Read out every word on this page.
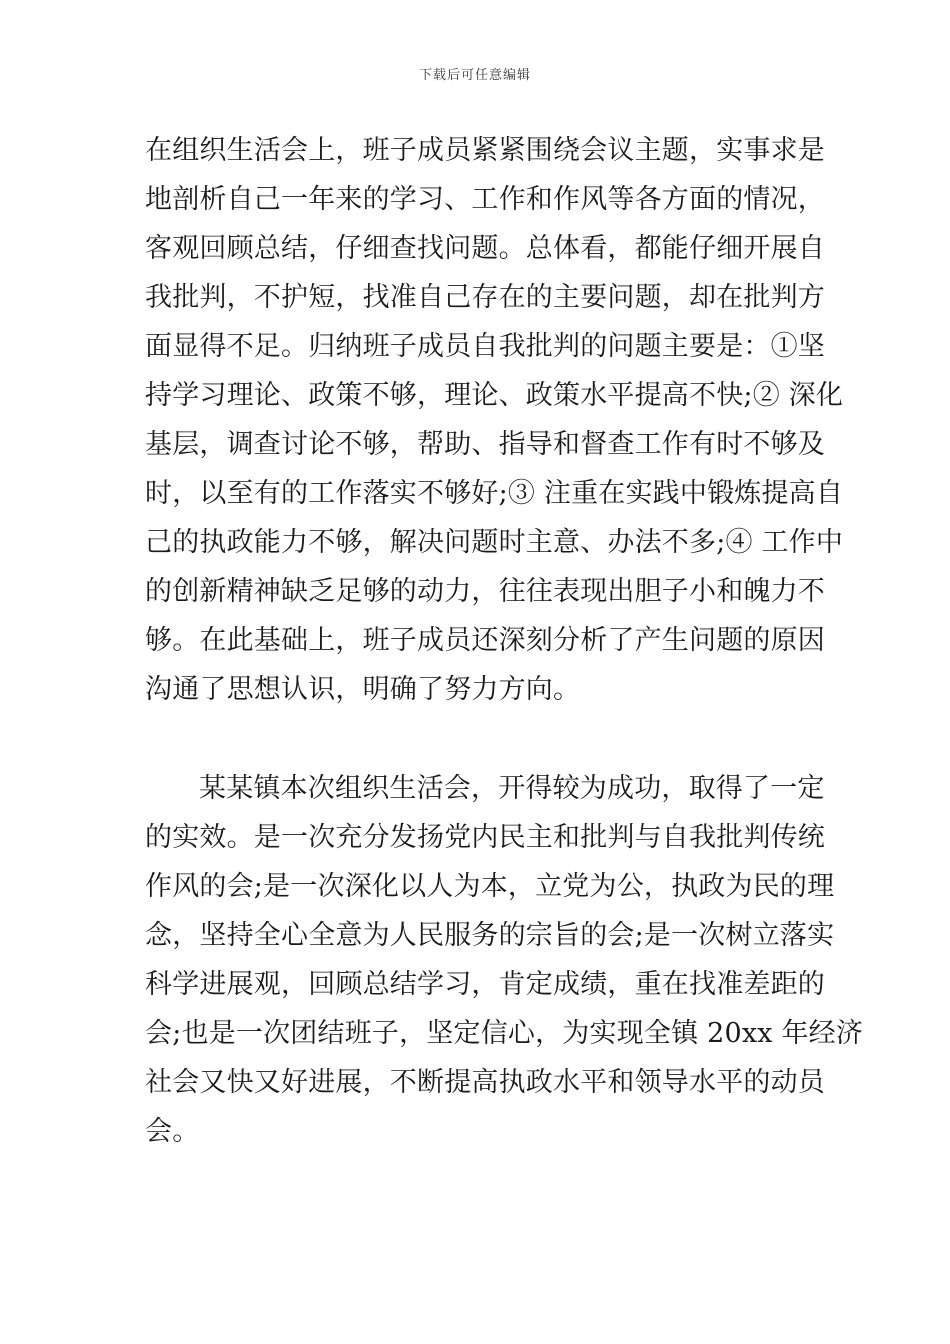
下载后可任意编辑
在组织生活会上，班子成员紧紧围绕会议主题，实事求是
地剖析自己一年来的学习、工作和作风等各方面的情况，
客观回顾总结，仔细查找问题。总体看，都能仔细开展自
我批判，不护短，找准自己存在的主要问题，却在批判方
面显得不足。归纳班子成员自我批判的问题主要是：①坚
持学习理论、政策不够，理论、政策水平提高不快;② 深化
基层，调查讨论不够，帮助、指导和督查工作有时不够及
时，以至有的工作落实不够好;③ 注重在实践中锻炼提高自
己的执政能力不够，解决问题时主意、办法不多;④ 工作中
的创新精神缺乏足够的动力，往往表现出胆子小和魄力不
够。在此基础上，班子成员还深刻分析了产生问题的原因
沟通了思想认识，明确了努力方向。
某某镇本次组织生活会，开得较为成功，取得了一定
的实效。是一次充分发扬党内民主和批判与自我批判传统
作风的会;是一次深化以人为本，立党为公，执政为民的理
念，坚持全心全意为人民服务的宗旨的会;是一次树立落实
科学进展观，回顾总结学习，肯定成绩，重在找准差距的
会;也是一次团结班子，坚定信心，为实现全镇 20xx 年经济
社会又快又好进展，不断提高执政水平和领导水平的动员
会。
